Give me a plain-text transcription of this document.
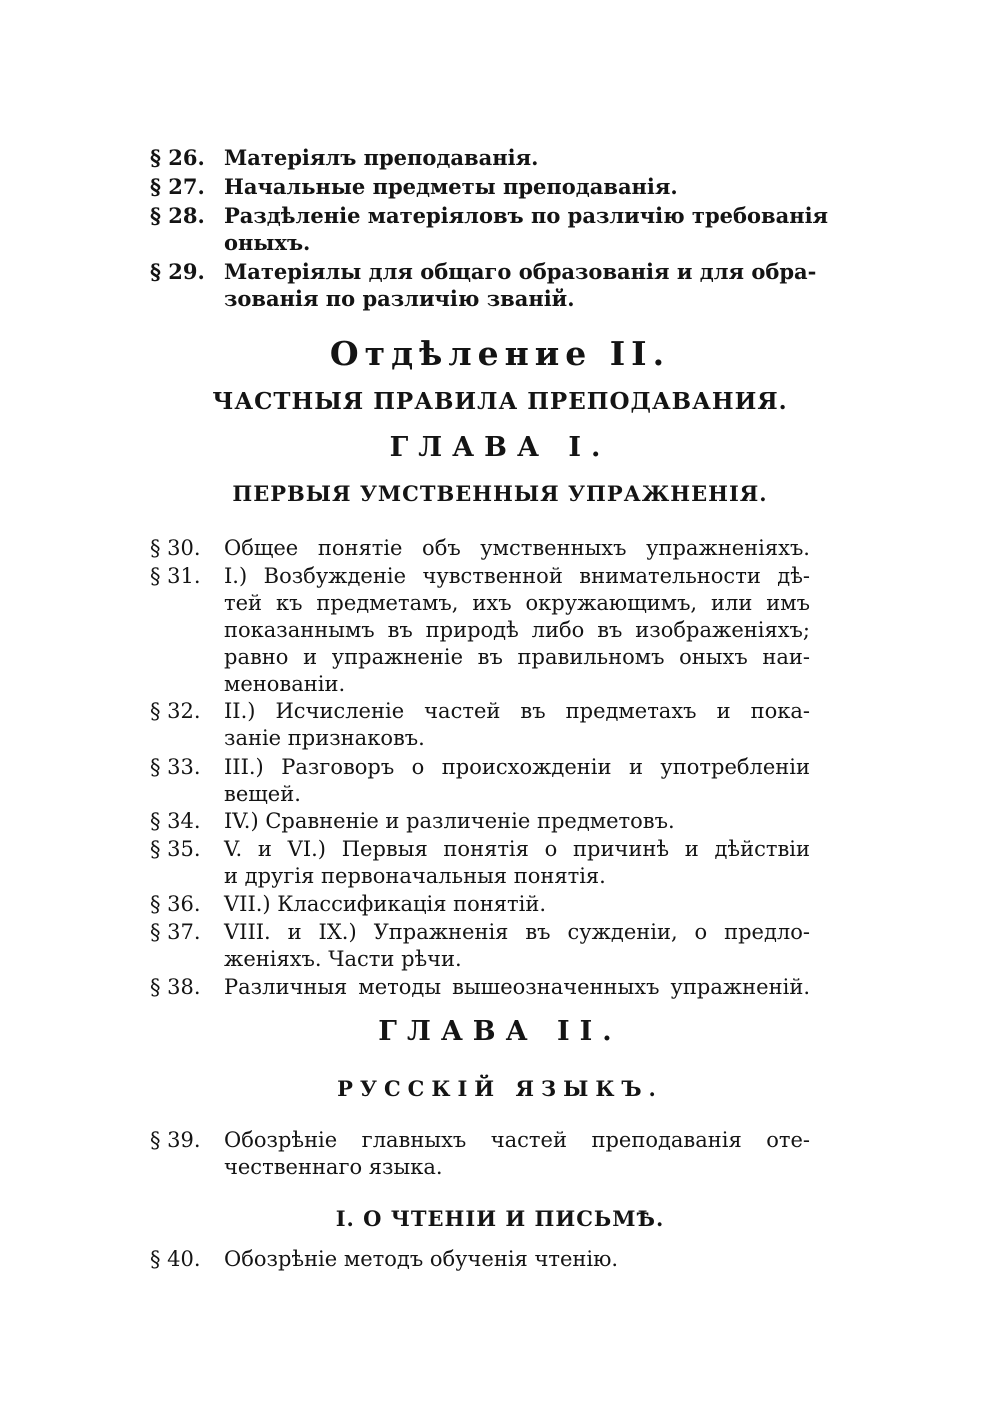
§ 26. Матеріялъ преподаванія.
§ 27. Начальные предметы преподаванія.
§ 28. Раздѣленіе матеріяловъ по различію требованія
оныхъ.
§ 29. Матеріялы для общаго образованія и для обра-
зованія по различію званій.
Отдѣление II.
ЧАСТНЫЯ ПРАВИЛА ПРЕПОДАВАНИЯ.
ГЛАВА I.
ПЕРВЫЯ УМСТВЕННЫЯ УПРАЖНЕНІЯ.
§ 30. Общее понятіе объ умственныхъ упражненіяхъ.
§ 31. I.) Возбужденіе чувственной внимательности дѣ-
тей къ предметамъ, ихъ окружающимъ, или имъ
показаннымъ въ природѣ либо въ изображеніяхъ;
равно и упражненіе въ правильномъ оныхъ наи-
менованіи.
§ 32. II.) Исчисленіе частей въ предметахъ и пока-
заніе признаковъ.
§ 33. III.) Разговоръ о происхожденіи и употребленіи
вещей.
§ 34. IV.) Сравненіе и различеніе предметовъ.
§ 35. V. и VI.) Первыя понятія о причинѣ и дѣйствіи
и другія первоначальныя понятія.
§ 36. VII.) Классификація понятій.
§ 37. VIII. и IX.) Упражненія въ сужденіи, о предло-
женіяхъ. Части рѣчи.
§ 38. Различныя методы вышеозначенныхъ упражненій.
ГЛАВА II.
РУССКІЙ ЯЗЫКЪ.
§ 39. Обозрѣніе главныхъ частей преподаванія оте-
чественнаго языка.
I. О ЧТЕНІИ И ПИСЬМѢ.
§ 40. Обозрѣніе методъ обученія чтенію.
